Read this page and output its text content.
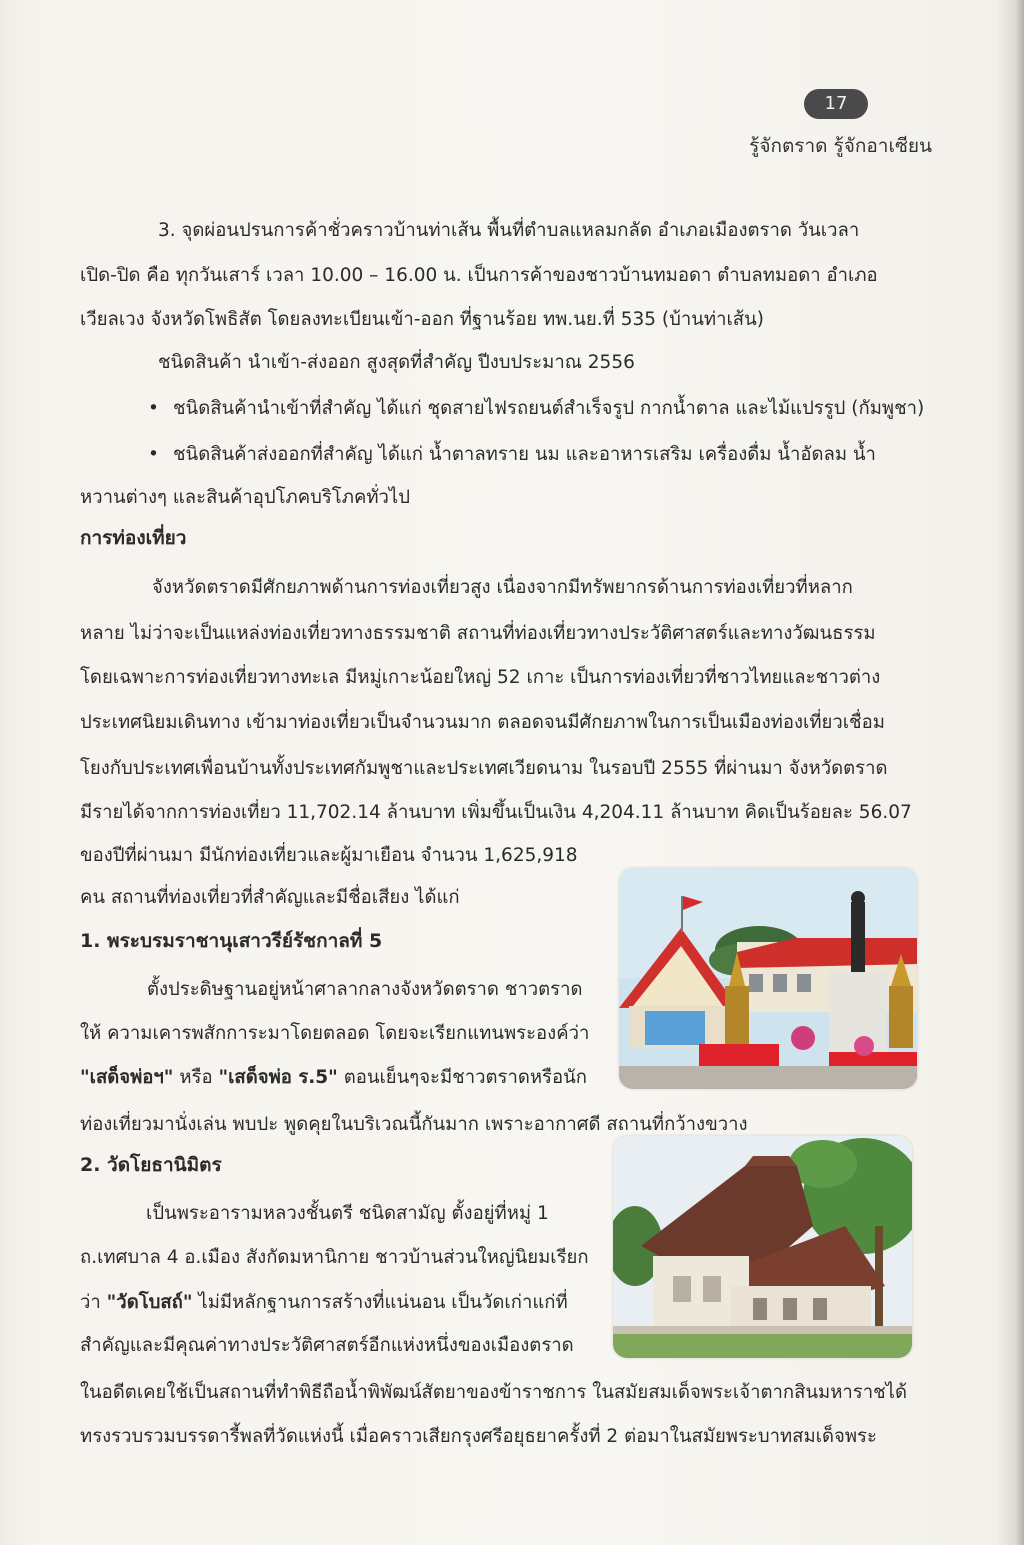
17
รู้จักตราด รู้จักอาเซียน
3. จุดผ่อนปรนการค้าชั่วคราวบ้านท่าเส้น พื้นที่ตำบลแหลมกลัด อำเภอเมืองตราด วันเวลา
เปิด-ปิด คือ ทุกวันเสาร์ เวลา 10.00 – 16.00 น. เป็นการค้าของชาวบ้านทมอดา ตำบลทมอดา อำเภอ
เวียลเวง จังหวัดโพธิสัต โดยลงทะเบียนเข้า-ออก ที่ฐานร้อย ทพ.นย.ที่ 535 (บ้านท่าเส้น)
ชนิดสินค้า นำเข้า-ส่งออก สูงสุดที่สำคัญ ปีงบประมาณ 2556
• ชนิดสินค้านำเข้าที่สำคัญ ได้แก่ ชุดสายไฟรถยนต์สำเร็จรูป กากน้ำตาล และไม้แปรรูป (กัมพูชา)
• ชนิดสินค้าส่งออกที่สำคัญ ได้แก่ น้ำตาลทราย นม และอาหารเสริม เครื่องดื่ม น้ำอัดลม น้ำ
หวานต่างๆ และสินค้าอุปโภคบริโภคทั่วไป
การท่องเที่ยว
จังหวัดตราดมีศักยภาพด้านการท่องเที่ยวสูง เนื่องจากมีทรัพยากรด้านการท่องเที่ยวที่หลาก
หลาย ไม่ว่าจะเป็นแหล่งท่องเที่ยวทางธรรมชาติ สถานที่ท่องเที่ยวทางประวัติศาสตร์และทางวัฒนธรรม
โดยเฉพาะการท่องเที่ยวทางทะเล มีหมู่เกาะน้อยใหญ่ 52 เกาะ เป็นการท่องเที่ยวที่ชาวไทยและชาวต่าง
ประเทศนิยมเดินทาง เข้ามาท่องเที่ยวเป็นจำนวนมาก ตลอดจนมีศักยภาพในการเป็นเมืองท่องเที่ยวเชื่อม
โยงกับประเทศเพื่อนบ้านทั้งประเทศกัมพูชาและประเทศเวียดนาม ในรอบปี 2555 ที่ผ่านมา จังหวัดตราด
มีรายได้จากการท่องเที่ยว 11,702.14 ล้านบาท เพิ่มขึ้นเป็นเงิน 4,204.11 ล้านบาท คิดเป็นร้อยละ 56.07
ของปีที่ผ่านมา มีนักท่องเที่ยวและผู้มาเยือน จำนวน 1,625,918
คน สถานที่ท่องเที่ยวที่สำคัญและมีชื่อเสียง ได้แก่
1. พระบรมราชานุเสาวรีย์รัชกาลที่ 5
ตั้งประดิษฐานอยู่หน้าศาลากลางจังหวัดตราด ชาวตราด
ให้ ความเคารพสักการะมาโดยตลอด โดยจะเรียกแทนพระองค์ว่า
"เสด็จพ่อฯ" หรือ "เสด็จพ่อ ร.5" ตอนเย็นๆจะมีชาวตราดหรือนัก
ท่องเที่ยวมานั่งเล่น พบปะ พูดคุยในบริเวณนี้กันมาก เพราะอากาศดี สถานที่กว้างขวาง
2. วัดโยธานิมิตร
เป็นพระอารามหลวงชั้นตรี ชนิดสามัญ ตั้งอยู่ที่หมู่ 1
ถ.เทศบาล 4 อ.เมือง สังกัดมหานิกาย ชาวบ้านส่วนใหญ่นิยมเรียก
ว่า "วัดโบสถ์" ไม่มีหลักฐานการสร้างที่แน่นอน เป็นวัดเก่าแก่ที่
สำคัญและมีคุณค่าทางประวัติศาสตร์อีกแห่งหนึ่งของเมืองตราด
ในอดีตเคยใช้เป็นสถานที่ทำพิธีถือน้ำพิพัฒน์สัตยาของข้าราชการ ในสมัยสมเด็จพระเจ้าตากสินมหาราชได้
ทรงรวบรวมบรรดารี้พลที่วัดแห่งนี้ เมื่อคราวเสียกรุงศรีอยุธยาครั้งที่ 2 ต่อมาในสมัยพระบาทสมเด็จพระ
